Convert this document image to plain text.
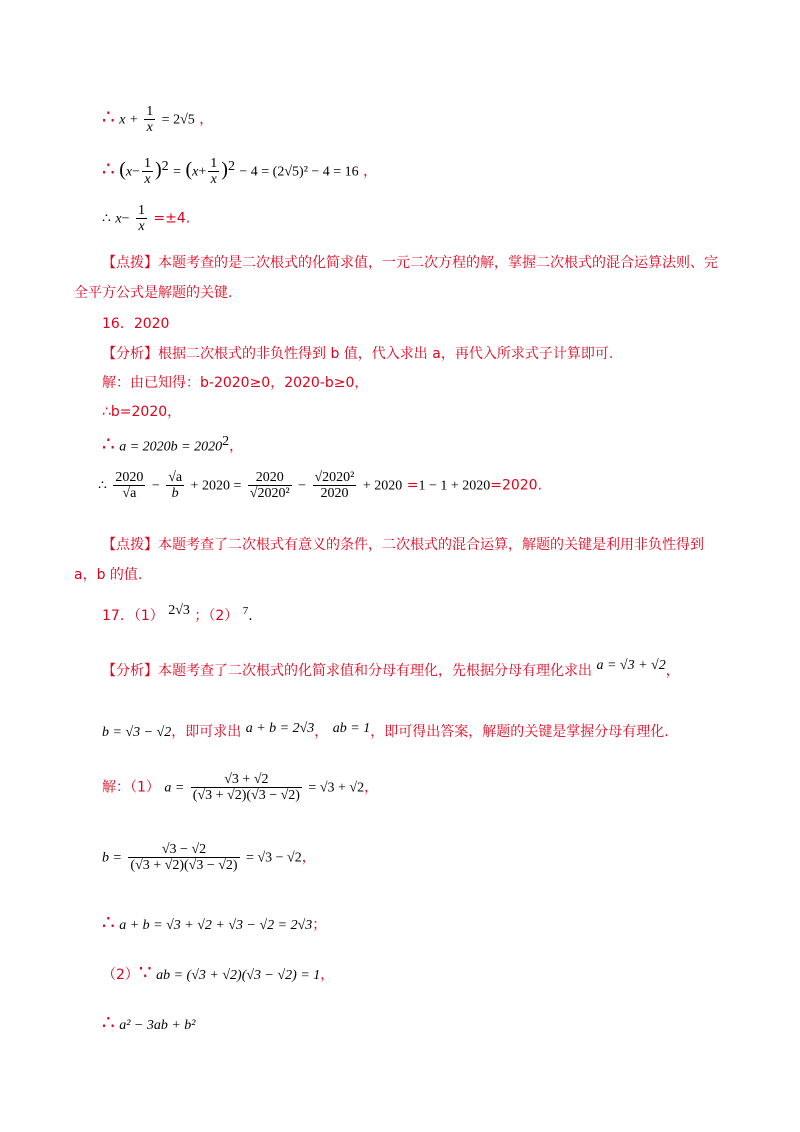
∴ $x + \frac{1}{x} = 2√5$ ，
∴ $(x- \frac{1}{x} )^2 = (x+ \frac{1}{x} )^2 - 4 = (2√5)^2 - 4 = 16$ ，
∴ $x- \frac{1}{x} =\pm 4$.
【点拨】本题考查的是二次根式的化简求值，一元二次方程的解，掌握二次根式的混合运算法则、完
全平方公式是解题的关键.
16．2020
【分析】根据二次根式的非负性得到 b 值，代入求出 a，再代入所求式子计算即可.
解：由已知得：b-2020≥0，2020-b≥0，
∴b=2020，
∴ $a = 2020b = 2020^2$，
∴ $\frac{2020}{√a} - \frac{√a}{b} + 2020 = \frac{2020}{\text{√2020²}} - \frac{\text{√2020²}}{2020} + 2020 =1 - 1 + 2020=2020$.
【点拨】本题考查了二次根式有意义的条件，二次根式的混合运算，解题的关键是利用非负性得到
a，b 的值.
17．（1） 2√3 ；（2） $^7$.
【分析】本题考查了二次根式的化简求值和分母有理化，先根据分母有理化求出 a = √3 + √2，
b = √3 − √2，即可求出 a + b = 2√3， ab = 1，即可得出答案，解题的关键是掌握分母有理化.
解：（1） $a = \frac{√3 + √2}{(√3 + √2)(√3 - √2)} = √3 + √2$，
$b = \frac{√3 - √2}{(√3 + √2)(√3 - √2)} = √3 - √2$，
∴ a + b = √3 + √2 + √3 − √2 = 2√3；
（2）∵ ab = (√3 + √2)(√3 − √2) = 1，
∴ a² − 3ab + b²
